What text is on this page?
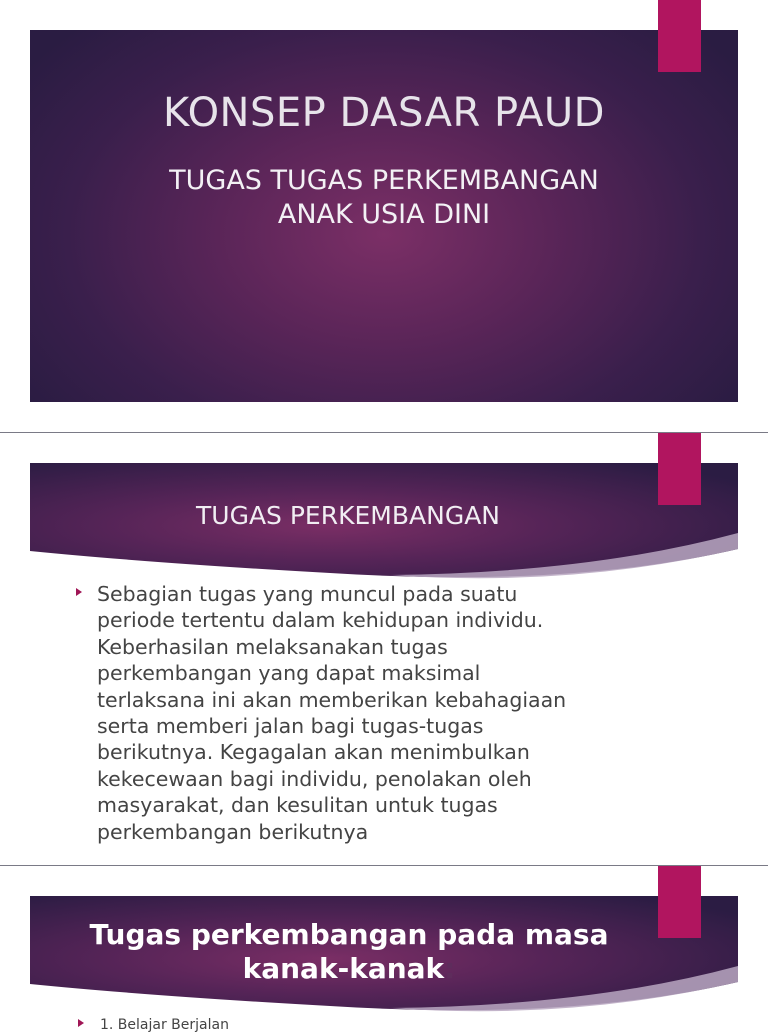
KONSEP DASAR PAUD
TUGAS TUGAS PERKEMBANGAN
ANAK USIA DINI
TUGAS PERKEMBANGAN
Sebagian tugas yang muncul pada suatu
periode tertentu dalam kehidupan individu.
Keberhasilan melaksanakan tugas
perkembangan yang dapat maksimal
terlaksana ini akan memberikan kebahagiaan
serta memberi jalan bagi tugas-tugas
berikutnya. Kegagalan akan menimbulkan
kekecewaan bagi individu, penolakan oleh
masyarakat, dan kesulitan untuk tugas
perkembangan berikutnya
Tugas perkembangan pada masa
kanak-kanak:
1. Belajar Berjalan
